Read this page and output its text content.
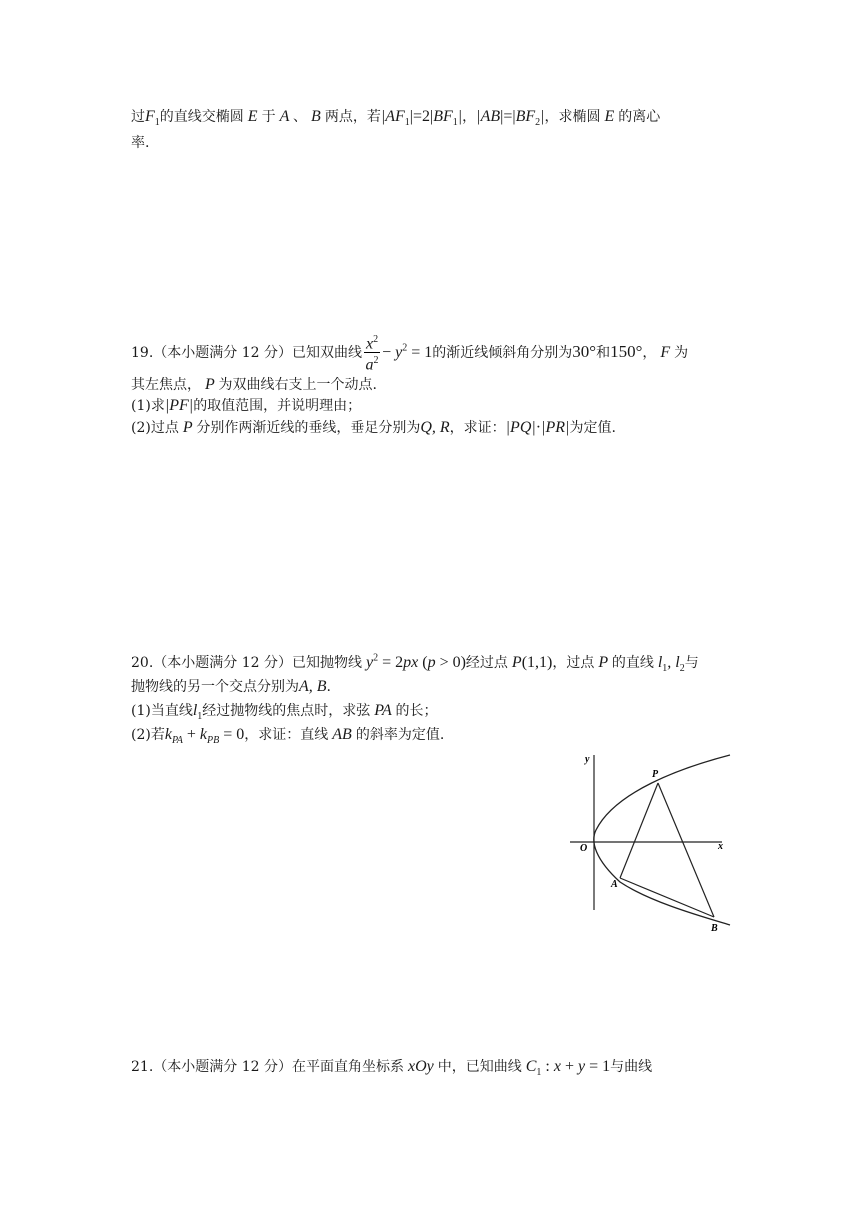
过$F_1$的直线交椭圆 E 于 A 、 B 两点，若$|AF_1|=2|BF_1|$，$|AB|=|BF_2|$，求椭圆 E 的离心
率.
19.（本小题满分 12 分）已知双曲线 $\frac{x^2}{a^2} - y^2 = 1$的渐近线倾斜角分别为30°和150°， F 为
其左焦点， P 为双曲线右支上一个动点.
(1)求|PF|的取值范围，并说明理由；
(2)过点 P 分别作两渐近线的垂线，垂足分别为Q, R，求证：|PQ|·|PR|为定值.
20.（本小题满分 12 分）已知抛物线 $y^2 = 2px$ (p > 0)经过点 P(1,1)，过点 P 的直线 $l_1$, $l_2$与
抛物线的另一个交点分别为A, B.
(1)当直线$l_1$经过抛物线的焦点时，求弦 PA 的长；
(2)若$k_{PA} + k_{PB} = 0$，求证：直线 AB 的斜率为定值.
y
O	x
P
A
B
21.（本小题满分 12 分）在平面直角坐标系 xOy 中，已知曲线 $C_1$ : x + y = 1与曲线
